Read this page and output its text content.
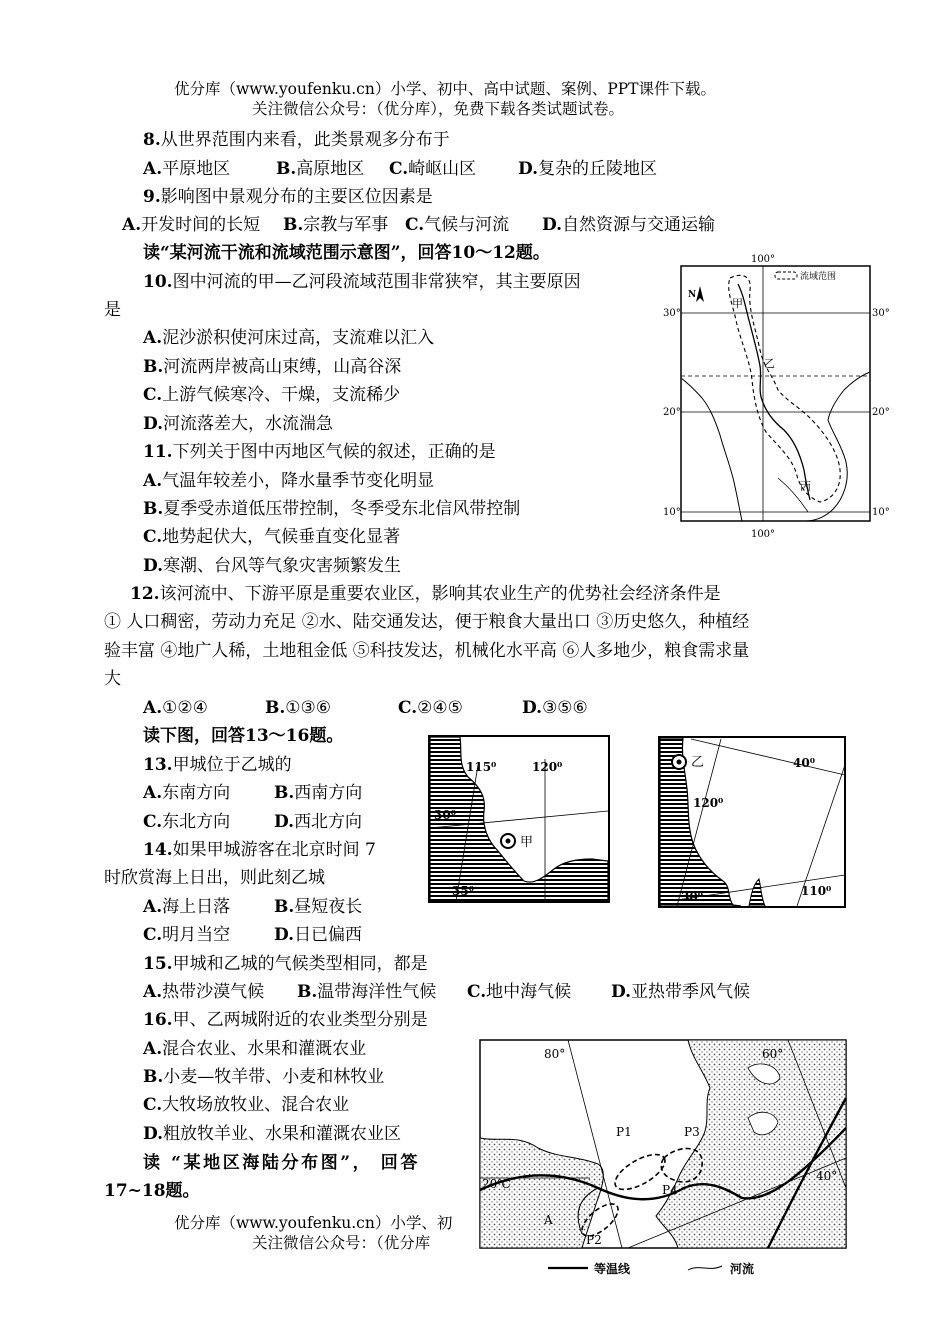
优分库（www.youfenku.cn）小学、初中、高中试题、案例、PPT课件下载。
关注微信公众号：（优分库），免费下载各类试题试卷。
8.从世界范围内来看，此类景观多分布于
A.平原地区	B.高原地区 C.崎岖山区 D.复杂的丘陵地区
9.影响图中景观分布的主要区位因素是
A.开发时间的长短 B.宗教与军事 C.气候与河流 D.自然资源与交通运输
读“某河流干流和流域范围示意图”，回答10～12题。
10.图中河流的甲—乙河段流域范围非常狭窄，其主要原因
是
A.泥沙淤积使河床过高，支流难以汇入
B.河流两岸被高山束缚，山高谷深
C.上游气候寒冷、干燥，支流稀少
D.河流落差大，水流湍急
11.下列关于图中丙地区气候的叙述，正确的是
A.气温年较差小，降水量季节变化明显
B.夏季受赤道低压带控制，冬季受东北信风带控制
C.地势起伏大，气候垂直变化显著
D.寒潮、台风等气象灾害频繁发生
12.该河流中、下游平原是重要农业区，影响其农业生产的优势社会经济条件是
① 人口稠密，劳动力充足 ②水、陆交通发达，便于粮食大量出口 ③历史悠久，种植经
验丰富 ④地广人稀，土地租金低 ⑤科技发达，机械化水平高 ⑥人多地少，粮食需求量
大
A.①②④	B.①③⑥	C.②④⑤	D.③⑤⑥
读下图，回答13～16题。
13.甲城位于乙城的
A.东南方向	B.西南方向
C.东北方向	D.西北方向
14.如果甲城游客在北京时间 7
时欣赏海上日出，则此刻乙城
A.海上日落	B.昼短夜长
C.明月当空	D.日已偏西
15.甲城和乙城的气候类型相同，都是
A.热带沙漠气候 B.温带海洋性气候 C.地中海气候 D.亚热带季风气候
16.甲、乙两城附近的农业类型分别是
A.混合农业、水果和灌溉农业
B.小麦—牧羊带、小麦和林牧业
C.大牧场放牧业、混合农业
D.粗放牧羊业、水果和灌溉农业区
读 “某地区海陆分布图”， 回答
17~18题。
优分库（www.youfenku.cn）小学、初
关注微信公众号：（优分库
100°
100°
30°	30°
20°	20°
10°	10°
流域范围
N
甲
乙
丙
115⁰	120⁰
30⁰
35⁰
甲
乙	40⁰
120⁰
30⁰	110⁰
80°	60°
40°
20℃
P1	P3
P4
P2
A
等温线	河流
